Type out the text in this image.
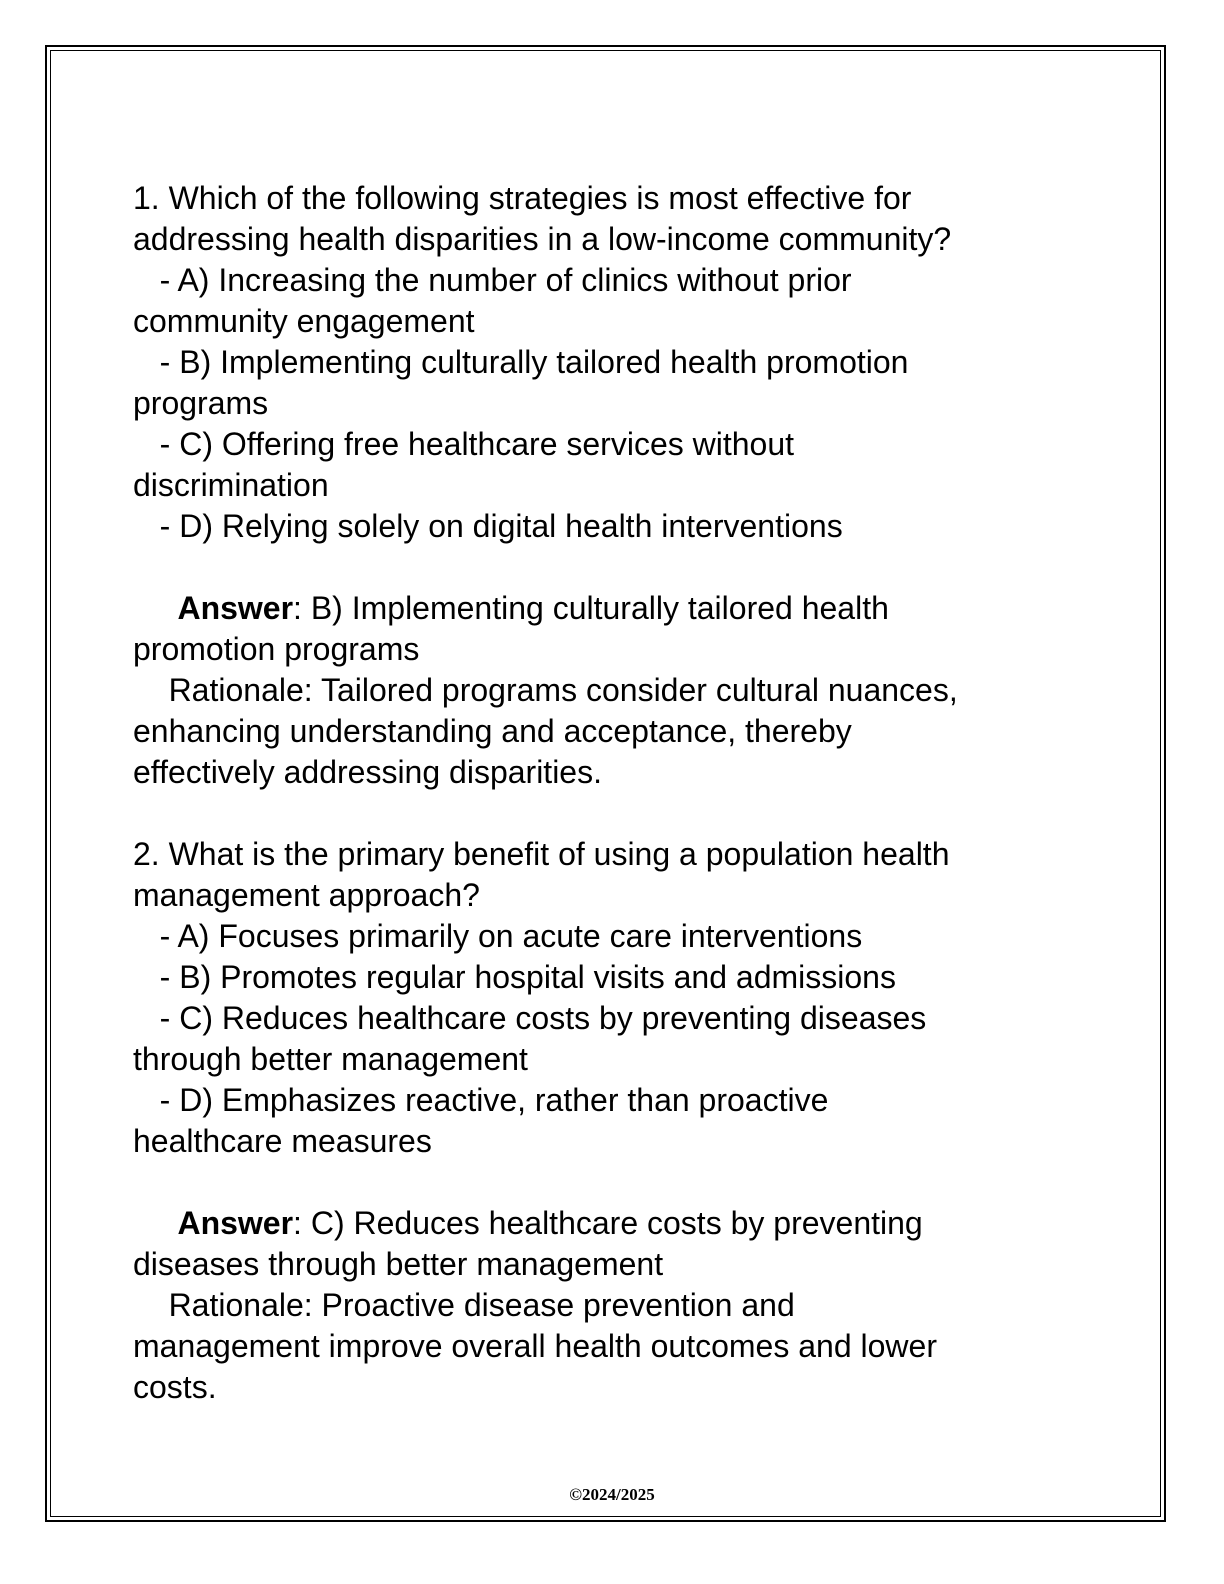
1. Which of the following strategies is most effective for
addressing health disparities in a low-income community?
- A) Increasing the number of clinics without prior
community engagement
- B) Implementing culturally tailored health promotion
programs
- C) Offering free healthcare services without
discrimination
- D) Relying solely on digital health interventions
Answer: B) Implementing culturally tailored health
promotion programs
Rationale: Tailored programs consider cultural nuances,
enhancing understanding and acceptance, thereby
effectively addressing disparities.
2. What is the primary benefit of using a population health
management approach?
- A) Focuses primarily on acute care interventions
- B) Promotes regular hospital visits and admissions
- C) Reduces healthcare costs by preventing diseases
through better management
- D) Emphasizes reactive, rather than proactive
healthcare measures
Answer: C) Reduces healthcare costs by preventing
diseases through better management
Rationale: Proactive disease prevention and
management improve overall health outcomes and lower
costs.
©2024/2025
